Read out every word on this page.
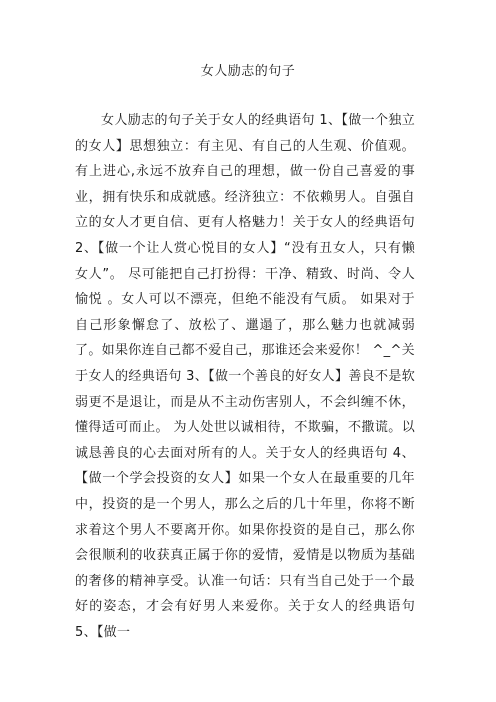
女人励志的句子

女人励志的句子关于女人的经典语句 1、【做一个独立的女人】思想独立：有主见、有自己的人生观、价值观。有上进心,永远不放弃自己的理想，做一份自己喜爱的事业，拥有快乐和成就感。经济独立：不依赖男人。自强自立的女人才更自信、更有人格魅力！关于女人的经典语句 2、【做一个让人赏心悦目的女人】“没有丑女人，只有懒女人”。 尽可能把自己打扮得：干净、精致、时尚、令人愉悦 。女人可以不漂亮，但绝不能没有气质。 如果对于自己形象懈怠了、放松了、邋遢了，那么魅力也就减弱了。如果你连自己都不爱自己，那谁还会来爱你！ ^_^关于女人的经典语句 3、【做一个善良的好女人】善良不是软弱更不是退让，而是从不主动伤害别人，不会纠缠不休，懂得适可而止。 为人处世以诚相待，不欺骗，不撒谎。以诚恳善良的心去面对所有的人。关于女人的经典语句 4、【做一个学会投资的女人】如果一个女人在最重要的几年中，投资的是一个男人，那么之后的几十年里，你将不断求着这个男人不要离开你。如果你投资的是自己，那么你会很顺利的收获真正属于你的爱情，爱情是以物质为基础的奢侈的精神享受。认准一句话：只有当自己处于一个最好的姿态，才会有好男人来爱你。关于女人的经典语句 5、【做一
